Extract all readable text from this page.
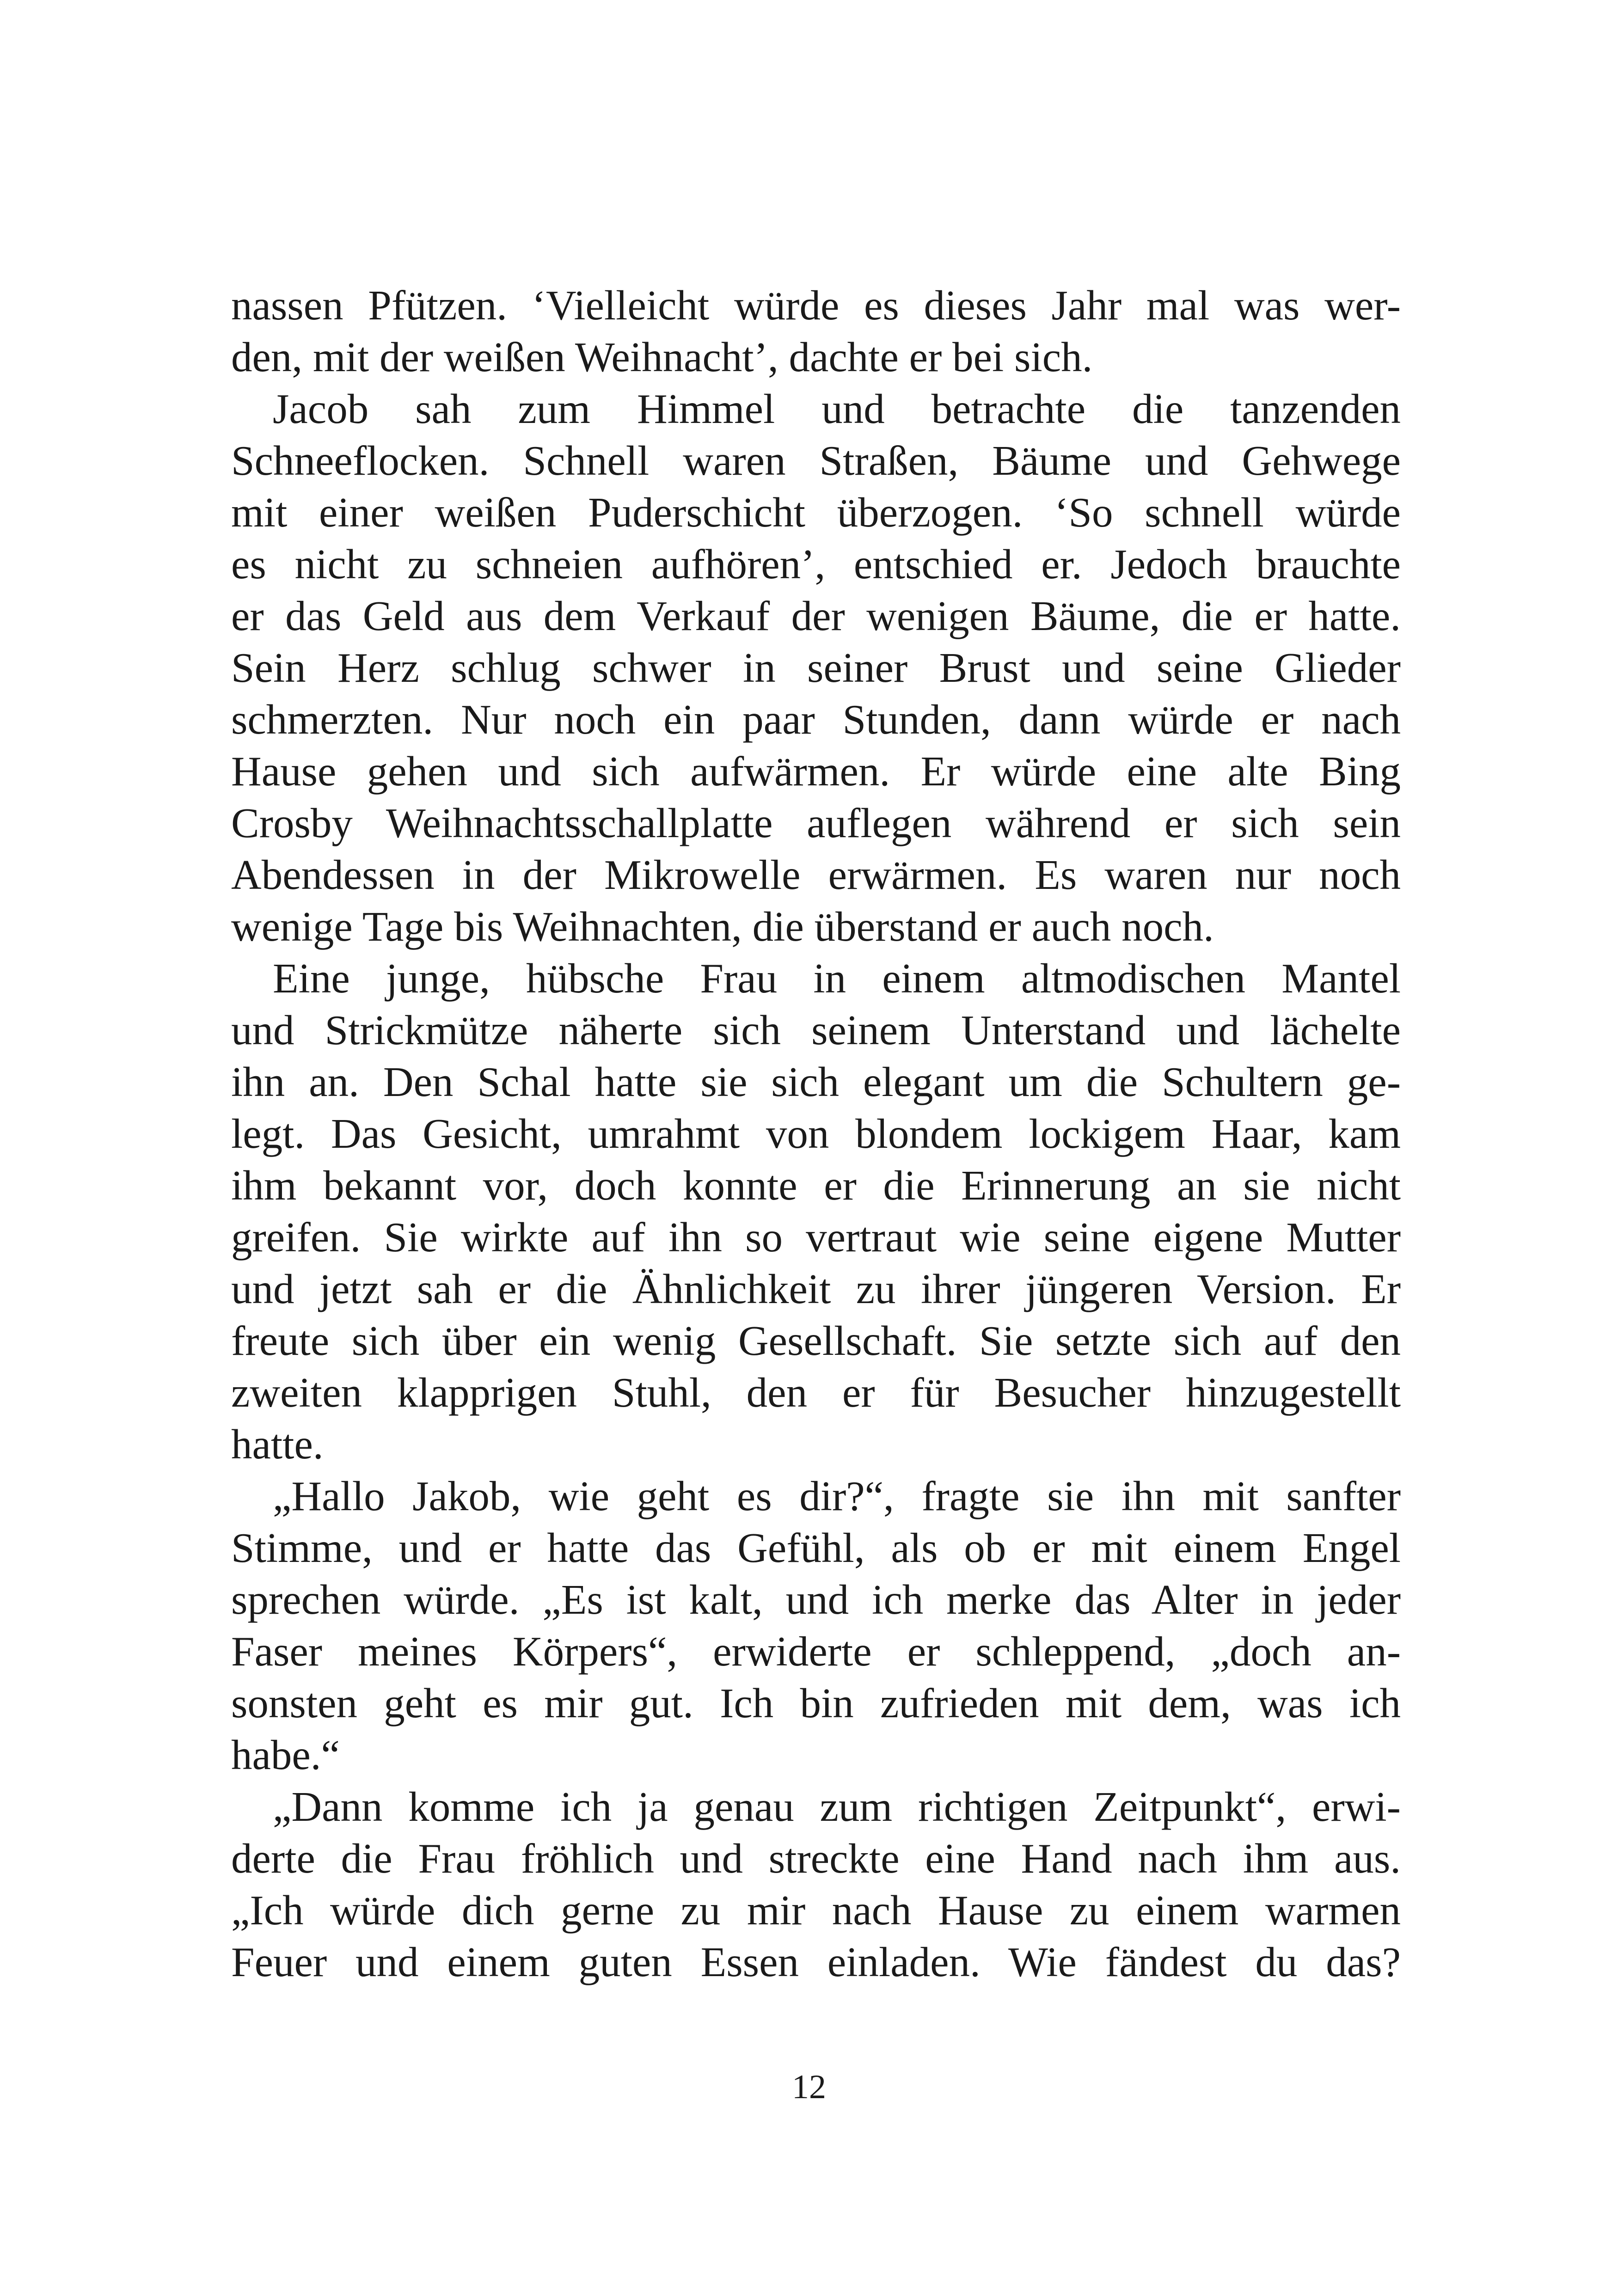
nassen Pfützen. ‘Vielleicht würde es dieses Jahr mal was wer-
den, mit der weißen Weihnacht’, dachte er bei sich.
Jacob sah zum Himmel und betrachte die tanzenden
Schneeflocken. Schnell waren Straßen, Bäume und Gehwege
mit einer weißen Puderschicht überzogen. ‘So schnell würde
es nicht zu schneien aufhören’, entschied er. Jedoch brauchte
er das Geld aus dem Verkauf der wenigen Bäume, die er hatte.
Sein Herz schlug schwer in seiner Brust und seine Glieder
schmerzten. Nur noch ein paar Stunden, dann würde er nach
Hause gehen und sich aufwärmen. Er würde eine alte Bing
Crosby Weihnachtsschallplatte auflegen während er sich sein
Abendessen in der Mikrowelle erwärmen. Es waren nur noch
wenige Tage bis Weihnachten, die überstand er auch noch.
Eine junge, hübsche Frau in einem altmodischen Mantel
und Strickmütze näherte sich seinem Unterstand und lächelte
ihn an. Den Schal hatte sie sich elegant um die Schultern ge-
legt. Das Gesicht, umrahmt von blondem lockigem Haar, kam
ihm bekannt vor, doch konnte er die Erinnerung an sie nicht
greifen. Sie wirkte auf ihn so vertraut wie seine eigene Mutter
und jetzt sah er die Ähnlichkeit zu ihrer jüngeren Version. Er
freute sich über ein wenig Gesellschaft. Sie setzte sich auf den
zweiten klapprigen Stuhl, den er für Besucher hinzugestellt
hatte.
„Hallo Jakob, wie geht es dir?“, fragte sie ihn mit sanfter
Stimme, und er hatte das Gefühl, als ob er mit einem Engel
sprechen würde. „Es ist kalt, und ich merke das Alter in jeder
Faser meines Körpers“, erwiderte er schleppend, „doch an-
sonsten geht es mir gut. Ich bin zufrieden mit dem, was ich
habe.“
„Dann komme ich ja genau zum richtigen Zeitpunkt“, erwi-
derte die Frau fröhlich und streckte eine Hand nach ihm aus.
„Ich würde dich gerne zu mir nach Hause zu einem warmen
Feuer und einem guten Essen einladen. Wie fändest du das?
12
